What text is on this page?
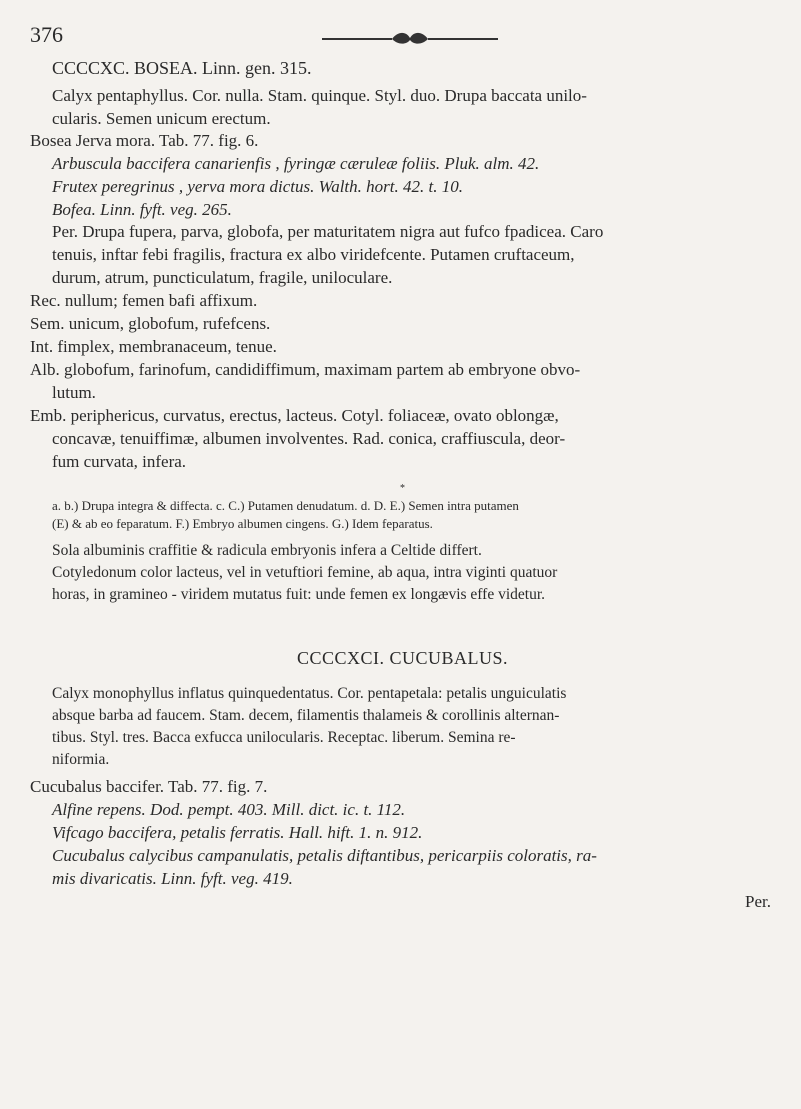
376
CCCCXC. BOSEA. Linn. gen. 315.
Calyx pentaphyllus. Cor. nulla. Stam. quinque. Styl. duo. Drupa baccata unilo-
cularis. Semen unicum erectum.
Bosea Jerva mora. Tab. 77. fig. 6.
Arbuscula baccifera canarienfis , fyringæ cæruleæ foliis. Pluk. alm. 42.
Frutex peregrinus , yerva mora dictus. Walth. hort. 42. t. 10.
Bofea. Linn. fyft. veg. 265.
Per. Drupa fupera, parva, globofa, per maturitatem nigra aut fufco fpadicea. Caro
tenuis, inftar febi fragilis, fractura ex albo viridefcente. Putamen cruftaceum,
durum, atrum, puncticulatum, fragile, uniloculare.
Rec. nullum; femen bafi affixum.
Sem. unicum, globofum, rufefcens.
Int. fimplex, membranaceum, tenue.
Alb. globofum, farinofum, candidiffimum, maximam partem ab embryone obvo-
lutum.
Emb. periphericus, curvatus, erectus, lacteus. Cotyl. foliaceæ, ovato oblongæ,
concavæ, tenuiffimæ, albumen involventes. Rad. conica, craffiuscula, deor-
fum curvata, infera.
*
a. b.) Drupa integra & diffecta. c. C.) Putamen denudatum. d. D. E.) Semen intra putamen
(E) & ab eo feparatum. F.) Embryo albumen cingens. G.) Idem feparatus.
Sola albuminis craffitie & radicula embryonis infera a Celtide differt.
Cotyledonum color lacteus, vel in vetuftiori femine, ab aqua, intra viginti quatuor
horas, in gramineo - viridem mutatus fuit: unde femen ex longævis effe videtur.
CCCCXCI. CUCUBALUS.
Calyx monophyllus inflatus quinquedentatus. Cor. pentapetala: petalis unguiculatis
absque barba ad faucem. Stam. decem, filamentis thalameis & corollinis alternan-
tibus. Styl. tres. Bacca exfucca unilocularis. Receptac. liberum. Semina re-
niformia.
Cucubalus baccifer. Tab. 77. fig. 7.
Alfine repens. Dod. pempt. 403. Mill. dict. ic. t. 112.
Vifcago baccifera, petalis ferratis. Hall. hift. 1. n. 912.
Cucubalus calycibus campanulatis, petalis diftantibus, pericarpiis coloratis, ra-
mis divaricatis. Linn. fyft. veg. 419.
Per.
